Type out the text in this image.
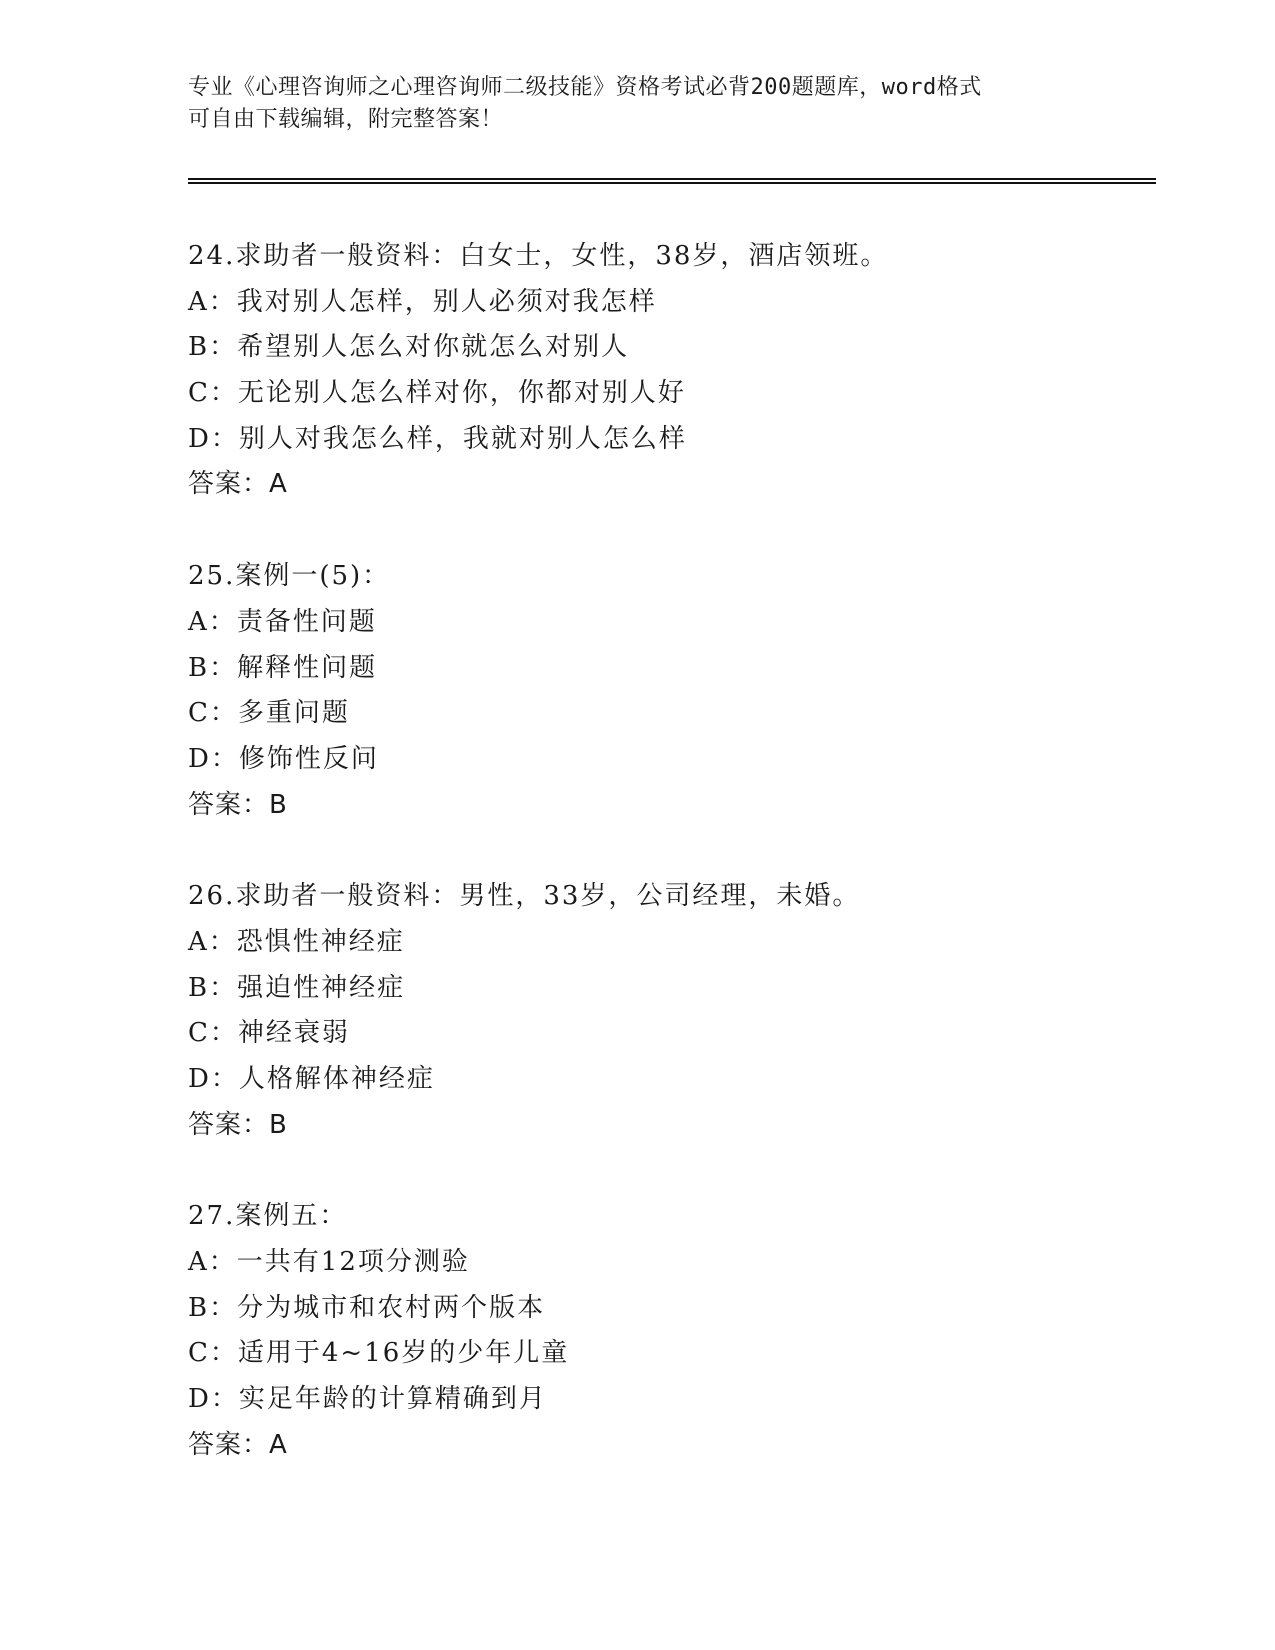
专业《心理咨询师之心理咨询师二级技能》资格考试必背200题题库，word格式
可自由下载编辑，附完整答案！
24.求助者一般资料：白女士，女性，38岁，酒店领班。
A：我对别人怎样，别人必须对我怎样
B：希望别人怎么对你就怎么对别人
C：无论别人怎么样对你，你都对别人好
D：别人对我怎么样，我就对别人怎么样
答案：A
25.案例一(5)：
A：责备性问题
B：解释性问题
C：多重问题
D：修饰性反问
答案：B
26.求助者一般资料：男性，33岁，公司经理，未婚。
A：恐惧性神经症
B：强迫性神经症
C：神经衰弱
D：人格解体神经症
答案：B
27.案例五：
A：一共有12项分测验
B：分为城市和农村两个版本
C：适用于4~16岁的少年儿童
D：实足年龄的计算精确到月
答案：A
